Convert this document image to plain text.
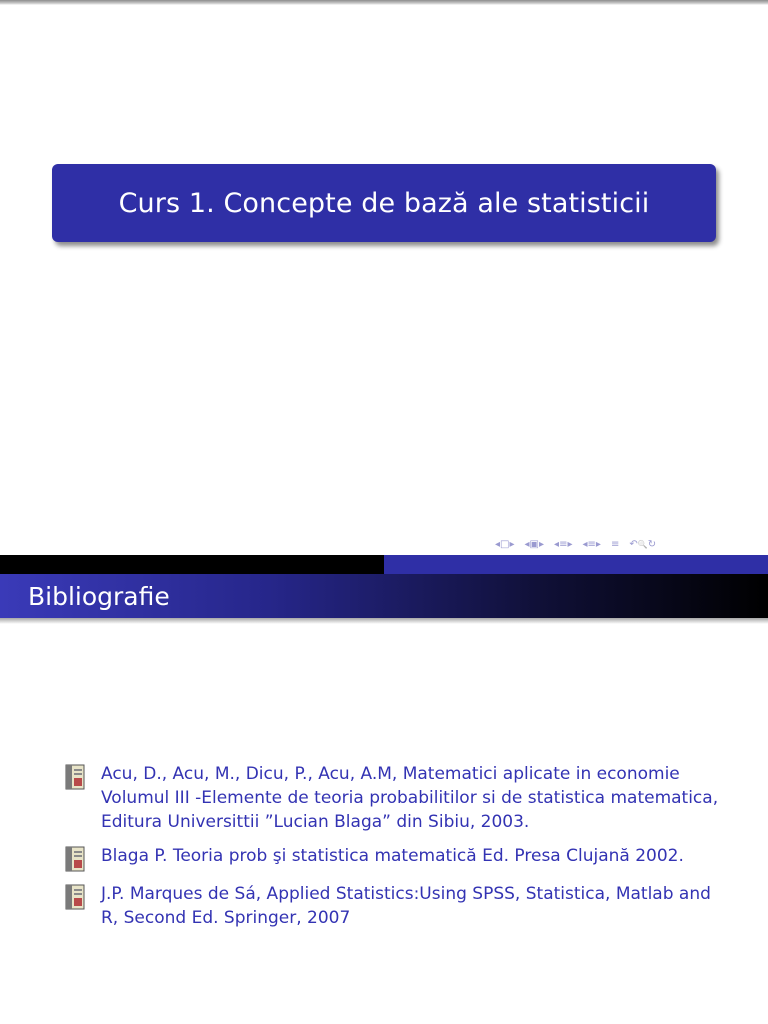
Curs 1. Concepte de bază ale statisticii
◂ □ ▸ ◂ ▣ ▸ ◂ ≡ ▸ ◂ ≡ ▸ ≡ ↶ 🔍 ↻
Bibliografie
Acu, D., Acu, M., Dicu, P., Acu, A.M, Matematici aplicate in economie
Volumul III -Elemente de teoria probabilitilor si de statistica matematica,
Editura Universittii ”Lucian Blaga” din Sibiu, 2003.
Blaga P. Teoria prob şi statistica matematică Ed. Presa Clujană 2002.
J.P. Marques de Sá, Applied Statistics:Using SPSS, Statistica, Matlab and
R, Second Ed. Springer, 2007
